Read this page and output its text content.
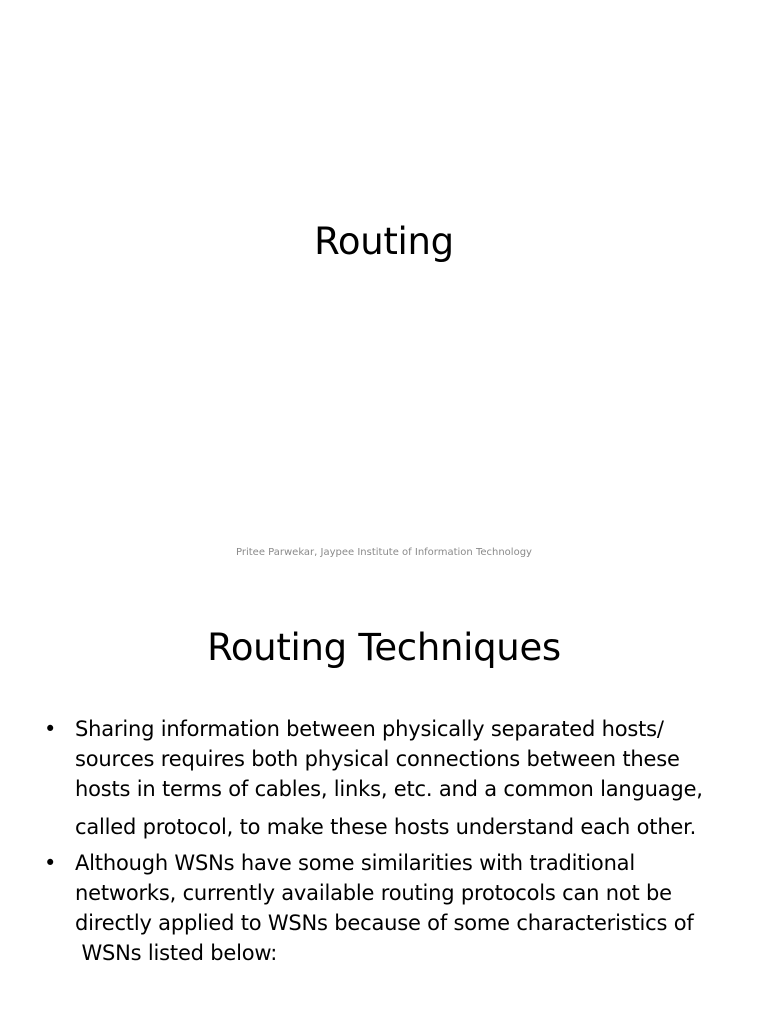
Routing
Pritee Parwekar, Jaypee Institute of Information Technology
Routing Techniques
• Sharing information between physically separated hosts/
sources requires both physical connections between these
hosts in terms of cables, links, etc. and a common language,
called protocol, to make these hosts understand each other.
• Although WSNs have some similarities with traditional
networks, currently available routing protocols can not be
directly applied to WSNs because of some characteristics of
WSNs listed below:
